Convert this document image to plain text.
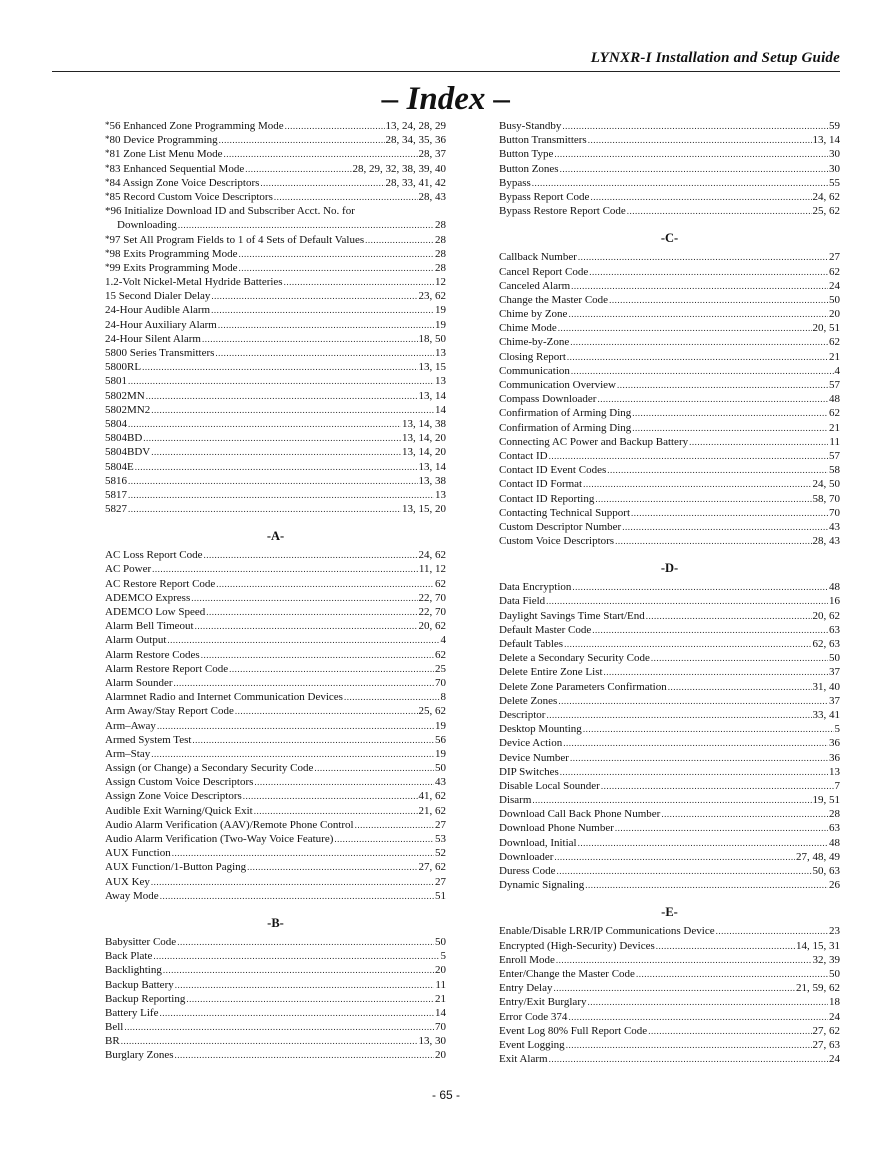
LYNXR-I Installation and Setup Guide
– Index –
*56 Enhanced Zone Programming Mode .....	13, 24, 28, 29
*80 Device Programming .....	28, 34, 35, 36
*81 Zone List Menu Mode .....	28, 37
*83 Enhanced Sequential Mode .....	28, 29, 32, 38, 39, 40
*84 Assign Zone Voice Descriptors .....	28, 33, 41, 42
*85 Record Custom Voice Descriptors .....	28, 43
*96 Initialize Download ID and Subscriber Acct. No. for
Downloading .....	28
*97 Set All Program Fields to 1 of 4 Sets of Default Values .....	28
*98 Exits Programming Mode .....	28
*99 Exits Programming Mode .....	28
1.2-Volt Nickel-Metal Hydride Batteries .....	12
15 Second Dialer Delay .....	23, 62
24-Hour Audible Alarm .....	19
24-Hour Auxiliary Alarm .....	19
24-Hour Silent Alarm .....	18, 50
5800 Series Transmitters .....	13
5800RL .....	13, 15
5801 .....	13
5802MN .....	13, 14
5802MN2 .....	14
5804 .....	13, 14, 38
5804BD .....	13, 14, 20
5804BDV .....	13, 14, 20
5804E .....	13, 14
5816 .....	13, 38
5817 .....	13
5827 .....	13, 15, 20
-A-
AC Loss Report Code .....	24, 62
AC Power .....	11, 12
AC Restore Report Code .....	62
ADEMCO Express .....	22, 70
ADEMCO Low Speed .....	22, 70
Alarm Bell Timeout .....	20, 62
Alarm Output .....	4
Alarm Restore Codes .....	62
Alarm Restore Report Code .....	25
Alarm Sounder .....	70
Alarmnet Radio and Internet Communication Devices .....	8
Arm Away/Stay Report Code .....	25, 62
Arm–Away .....	19
Armed System Test .....	56
Arm–Stay .....	19
Assign (or Change) a Secondary Security Code .....	50
Assign Custom Voice Descriptors .....	43
Assign Zone Voice Descriptors .....	41, 62
Audible Exit Warning/Quick Exit .....	21, 62
Audio Alarm Verification (AAV)/Remote Phone Control .....	27
Audio Alarm Verification (Two-Way Voice Feature) .....	53
AUX Function .....	52
AUX Function/1-Button Paging .....	27, 62
AUX Key .....	27
Away Mode .....	51
-B-
Babysitter Code .....	50
Back Plate .....	5
Backlighting .....	20
Backup Battery .....	11
Backup Reporting .....	21
Battery Life .....	14
Bell .....	70
BR .....	13, 30
Burglary Zones .....	20
Busy-Standby .....	59
Button Transmitters .....	13, 14
Button Type .....	30
Button Zones .....	30
Bypass .....	55
Bypass Report Code .....	24, 62
Bypass Restore Report Code .....	25, 62
-C-
Callback Number .....	27
Cancel Report Code .....	62
Canceled Alarm .....	24
Change the Master Code .....	50
Chime by Zone .....	20
Chime Mode .....	20, 51
Chime-by-Zone .....	62
Closing Report .....	21
Communication .....	4
Communication Overview .....	57
Compass Downloader .....	48
Confirmation of Arming Ding .....	62
Confirmation of Arming Ding .....	21
Connecting AC Power and Backup Battery .....	11
Contact ID .....	57
Contact ID Event Codes .....	58
Contact ID Format .....	24, 50
Contact ID Reporting .....	58, 70
Contacting Technical Support .....	70
Custom Descriptor Number .....	43
Custom Voice Descriptors .....	28, 43
-D-
Data Encryption .....	48
Data Field .....	16
Daylight Savings Time Start/End .....	20, 62
Default Master Code .....	63
Default Tables .....	62, 63
Delete a Secondary Security Code .....	50
Delete Entire Zone List .....	37
Delete Zone Parameters Confirmation .....	31, 40
Delete Zones .....	37
Descriptor .....	33, 41
Desktop Mounting .....	5
Device Action .....	36
Device Number .....	36
DIP Switches .....	13
Disable Local Sounder .....	7
Disarm .....	19, 51
Download Call Back Phone Number .....	28
Download Phone Number .....	63
Download, Initial .....	48
Downloader .....	27, 48, 49
Duress Code .....	50, 63
Dynamic Signaling .....	26
-E-
Enable/Disable LRR/IP Communications Device .....	23
Encrypted (High-Security) Devices .....	14, 15, 31
Enroll Mode .....	32, 39
Enter/Change the Master Code .....	50
Entry Delay .....	21, 59, 62
Entry/Exit Burglary .....	18
Error Code 374 .....	24
Event Log 80% Full Report Code .....	27, 62
Event Logging .....	27, 63
Exit Alarm .....	24
- 65 -
